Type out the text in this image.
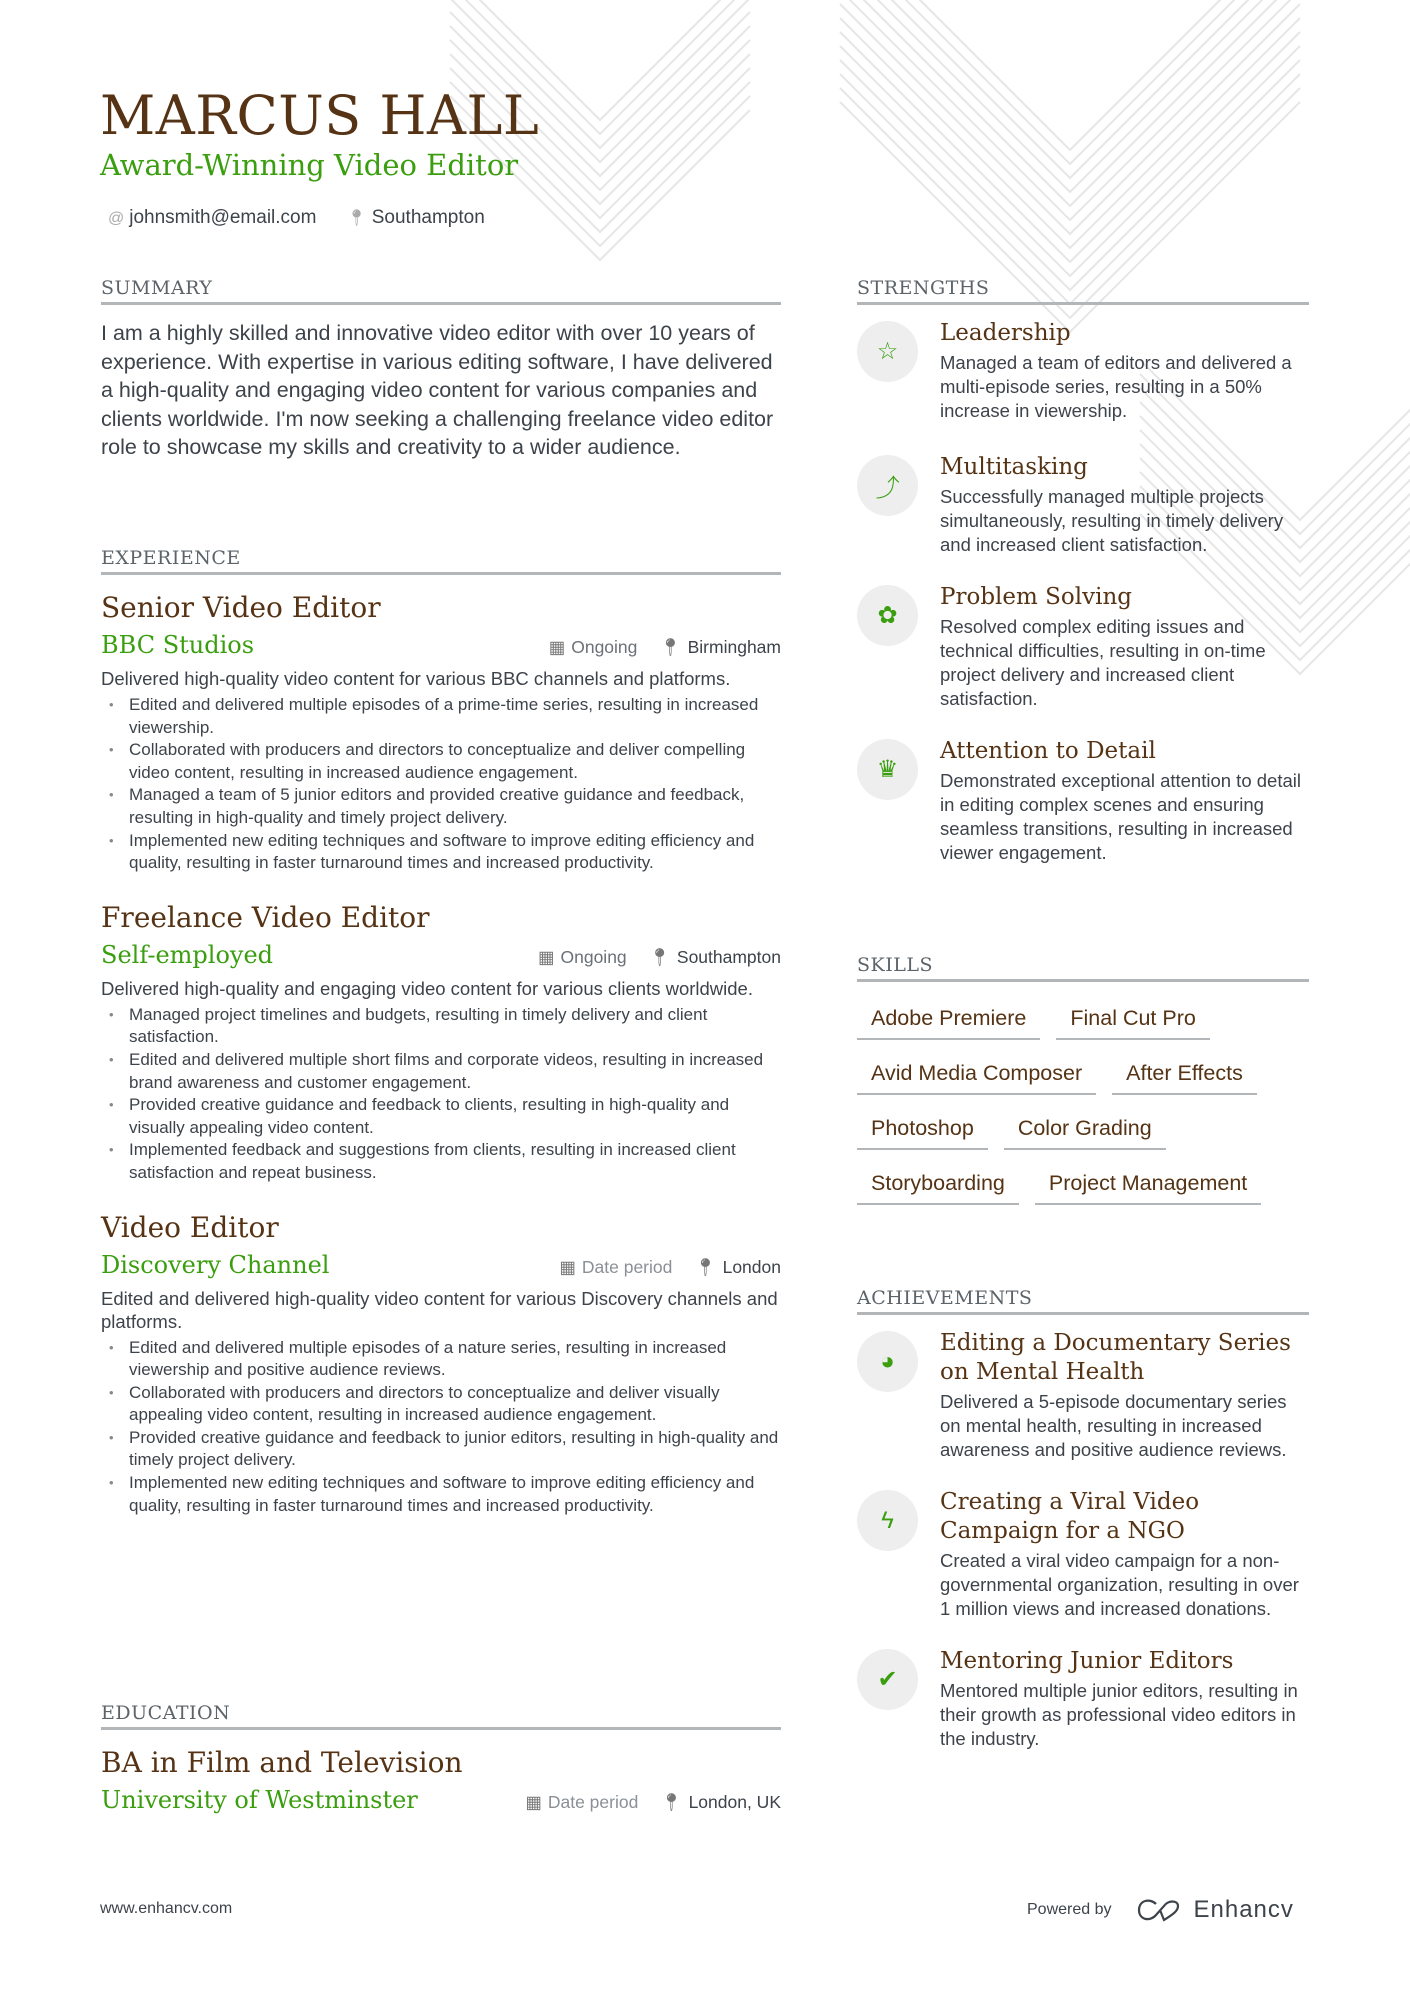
MARCUS HALL
Award-Winning Video Editor
@ johnsmith@email.com 📍︎ Southampton
SUMMARY
I am a highly skilled and innovative video editor with over 10 years of experience. With expertise in various editing software, I have delivered a high-quality and engaging video content for various companies and clients worldwide. I'm now seeking a challenging freelance video editor role to showcase my skills and creativity to a wider audience.
EXPERIENCE
Senior Video Editor
BBC Studios	▦ Ongoing 📍︎ Birmingham
Delivered high-quality video content for various BBC channels and platforms.
• Edited and delivered multiple episodes of a prime-time series, resulting in increased viewership.
• Collaborated with producers and directors to conceptualize and deliver compelling video content, resulting in increased audience engagement.
• Managed a team of 5 junior editors and provided creative guidance and feedback, resulting in high-quality and timely project delivery.
• Implemented new editing techniques and software to improve editing efficiency and quality, resulting in faster turnaround times and increased productivity.
Freelance Video Editor
Self-employed	▦ Ongoing 📍︎ Southampton
Delivered high-quality and engaging video content for various clients worldwide.
• Managed project timelines and budgets, resulting in timely delivery and client satisfaction.
• Edited and delivered multiple short films and corporate videos, resulting in increased brand awareness and customer engagement.
• Provided creative guidance and feedback to clients, resulting in high-quality and visually appealing video content.
• Implemented feedback and suggestions from clients, resulting in increased client satisfaction and repeat business.
Video Editor
Discovery Channel	▦ Date period 📍︎ London
Edited and delivered high-quality video content for various Discovery channels and platforms.
• Edited and delivered multiple episodes of a nature series, resulting in increased viewership and positive audience reviews.
• Collaborated with producers and directors to conceptualize and deliver visually appealing video content, resulting in increased audience engagement.
• Provided creative guidance and feedback to junior editors, resulting in high-quality and timely project delivery.
• Implemented new editing techniques and software to improve editing efficiency and quality, resulting in faster turnaround times and increased productivity.
EDUCATION
BA in Film and Television
University of Westminster	▦ Date period 📍︎ London, UK
STRENGTHS
☆
Leadership
Managed a team of editors and delivered a multi-episode series, resulting in a 50% increase in viewership.
⤴
Multitasking
Successfully managed multiple projects simultaneously, resulting in timely delivery and increased client satisfaction.
✿
Problem Solving
Resolved complex editing issues and technical difficulties, resulting in on-time project delivery and increased client satisfaction.
♛
Attention to Detail
Demonstrated exceptional attention to detail in editing complex scenes and ensuring seamless transitions, resulting in increased viewer engagement.
SKILLS
Adobe Premiere	Final Cut Pro
Avid Media Composer	After Effects
Photoshop	Color Grading
Storyboarding	Project Management
ACHIEVEMENTS
◕
Editing a Documentary Series on Mental Health
Delivered a 5-episode documentary series on mental health, resulting in increased awareness and positive audience reviews.
ϟ
Creating a Viral Video Campaign for a NGO
Created a viral video campaign for a non-governmental organization, resulting in over 1 million views and increased donations.
✔
Mentoring Junior Editors
Mentored multiple junior editors, resulting in their growth as professional video editors in the industry.
www.enhancv.com	Powered by	Enhancv
